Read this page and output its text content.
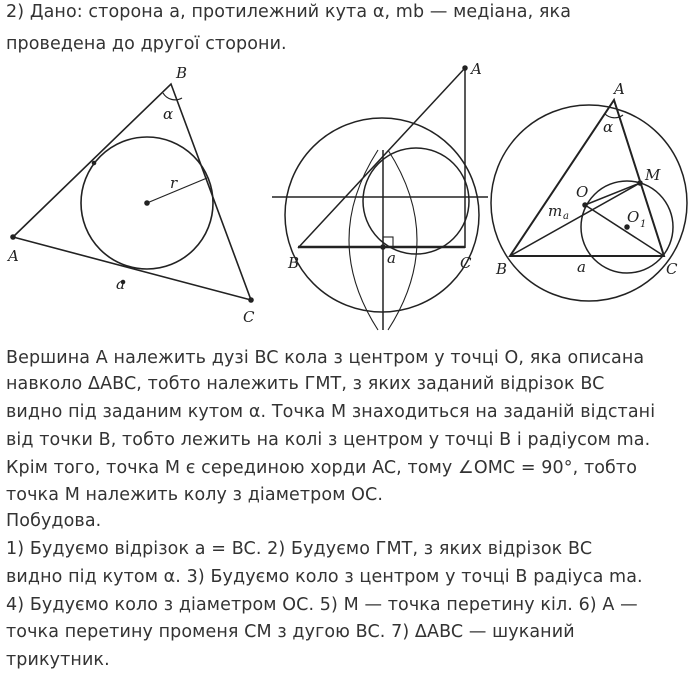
2) Дано: сторона a, протилежний кута α, mb — медіана, яка
проведена до другої сторони.
B
α
r
A
a
C
A
B	a	C
A
α
M
O
O 1
m a
B	a	C
Вершина A належить дузі BC кола з центром у точці O, яка описана
навколо ΔABC, тобто належить ГМТ, з яких заданий відрізок BC
видно під заданим кутом α. Точка M знаходиться на заданій відстані
від точки B, тобто лежить на колі з центром у точці B і радіусом ma.
Крім того, точка M є серединою хорди AC, тому ∠OMC = 90°, тобто
точка M належить колу з діаметром OC.
Побудова.
1) Будуємо відрізок a = BC. 2) Будуємо ГМТ, з яких відрізок BC
видно під кутом α. 3) Будуємо коло з центром у точці B радіуса ma.
4) Будуємо коло з діаметром OC. 5) M — точка перетину кіл. 6) A —
точка перетину променя CM з дугою BC. 7) ΔABC — шуканий
трикутник.
